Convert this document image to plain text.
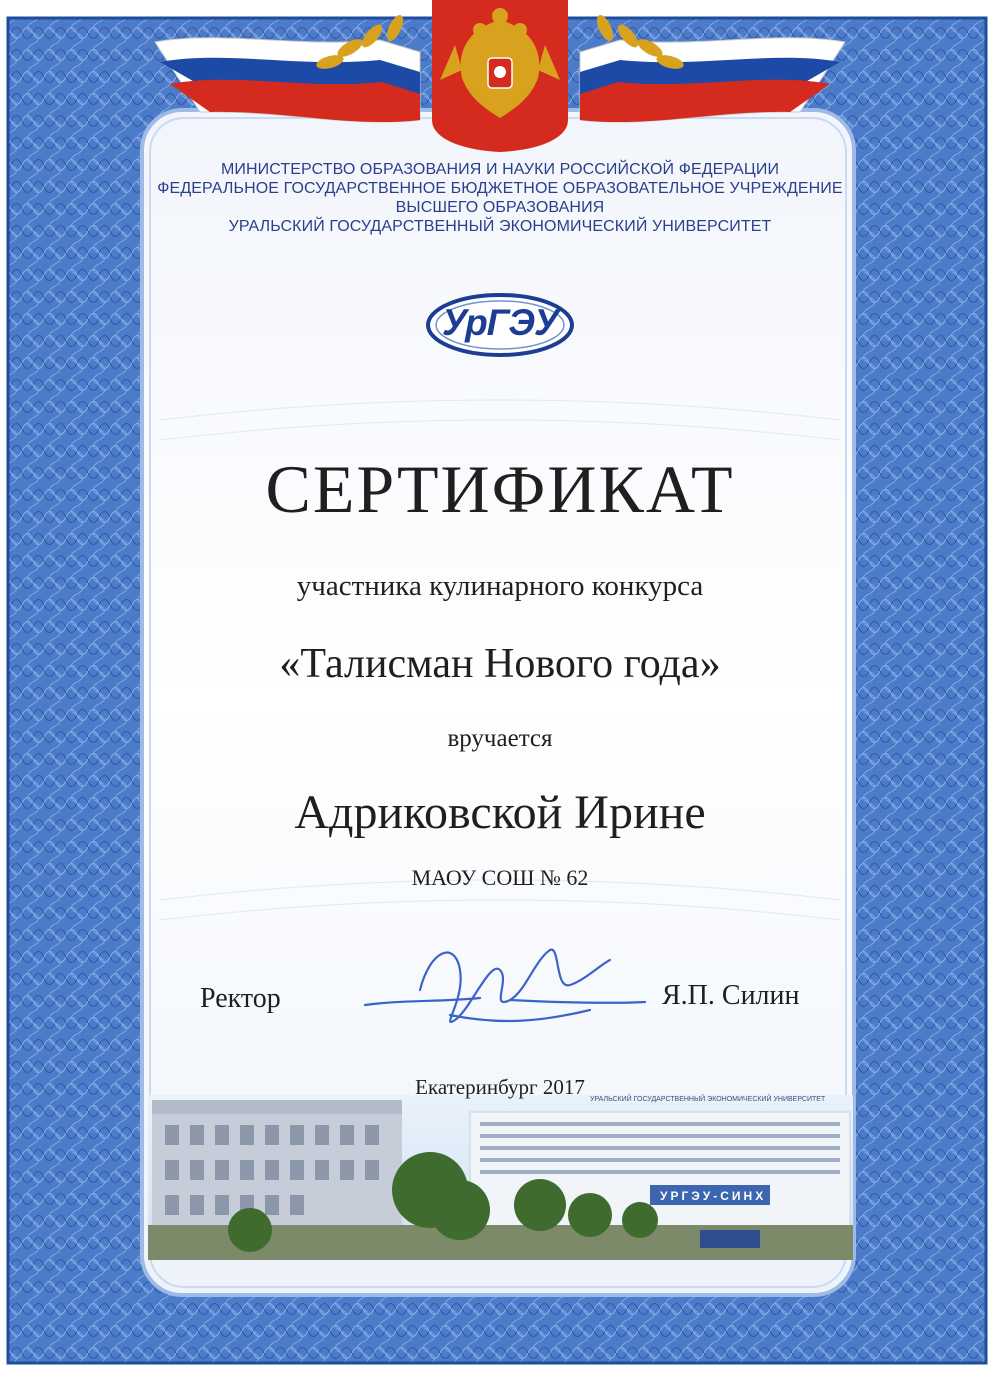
МИНИСТЕРСТВО ОБРАЗОВАНИЯ И НАУКИ РОССИЙСКОЙ ФЕДЕРАЦИИ
ФЕДЕРАЛЬНОЕ ГОСУДАРСТВЕННОЕ БЮДЖЕТНОЕ ОБРАЗОВАТЕЛЬНОЕ УЧРЕЖДЕНИЕ
ВЫСШЕГО ОБРАЗОВАНИЯ
УРАЛЬСКИЙ ГОСУДАРСТВЕННЫЙ ЭКОНОМИЧЕСКИЙ УНИВЕРСИТЕТ
УрГЭУ
СЕРТИФИКАТ
участника кулинарного конкурса
«Талисман Нового года»
вручается
Адриковской Ирине
МАОУ СОШ № 62
Ректор	Я.П. Силин
Екатеринбург 2017
УРАЛЬСКИЙ ГОСУДАРСТВЕННЫЙ ЭКОНОМИЧЕСКИЙ УНИВЕРСИТЕТ
УРГЭУ-СИНХ
